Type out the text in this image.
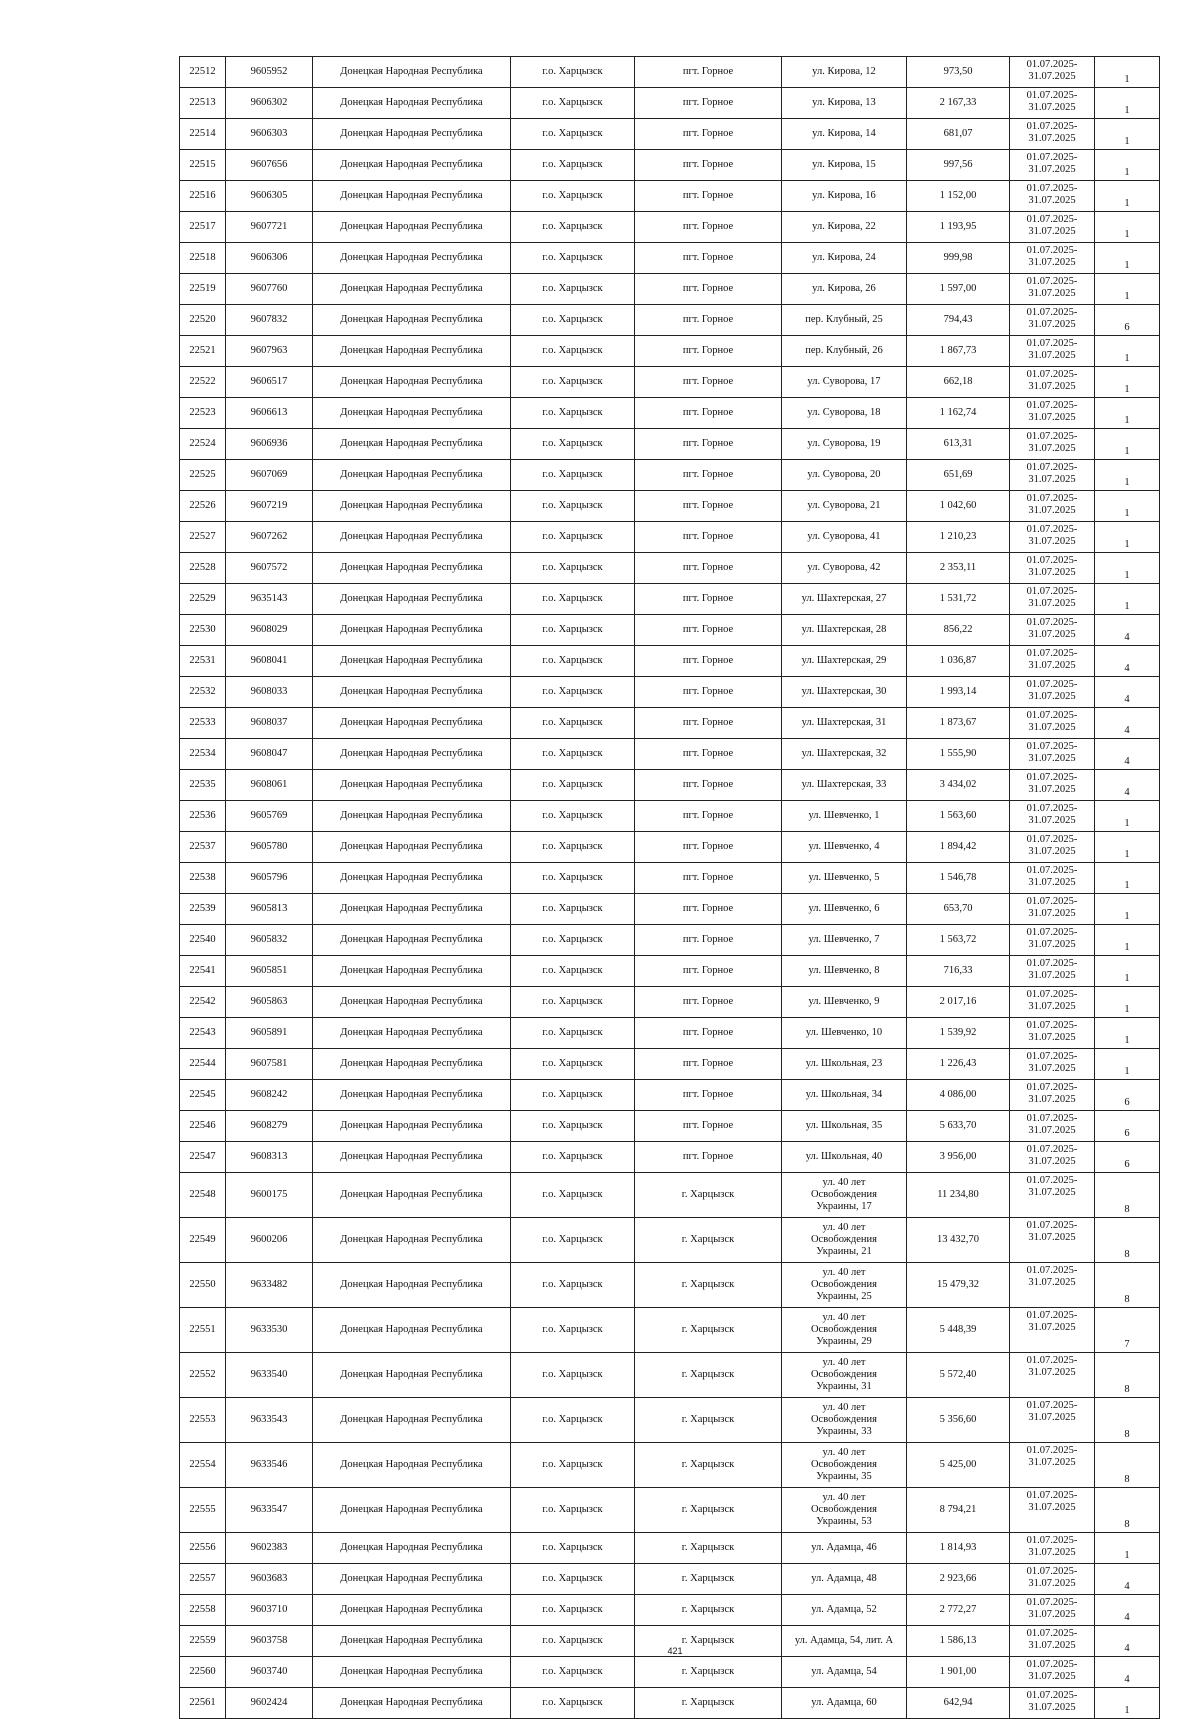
22512	9605952	Донецкая Народная Республика	г.о. Харцызск	пгт. Горное	ул. Кирова, 12	973,50	01.07.2025-
31.07.2025	1
22513	9606302	Донецкая Народная Республика	г.о. Харцызск	пгт. Горное	ул. Кирова, 13	2 167,33	01.07.2025-
31.07.2025	1
22514	9606303	Донецкая Народная Республика	г.о. Харцызск	пгт. Горное	ул. Кирова, 14	681,07	01.07.2025-
31.07.2025	1
22515	9607656	Донецкая Народная Республика	г.о. Харцызск	пгт. Горное	ул. Кирова, 15	997,56	01.07.2025-
31.07.2025	1
22516	9606305	Донецкая Народная Республика	г.о. Харцызск	пгт. Горное	ул. Кирова, 16	1 152,00	01.07.2025-
31.07.2025	1
22517	9607721	Донецкая Народная Республика	г.о. Харцызск	пгт. Горное	ул. Кирова, 22	1 193,95	01.07.2025-
31.07.2025	1
22518	9606306	Донецкая Народная Республика	г.о. Харцызск	пгт. Горное	ул. Кирова, 24	999,98	01.07.2025-
31.07.2025	1
22519	9607760	Донецкая Народная Республика	г.о. Харцызск	пгт. Горное	ул. Кирова, 26	1 597,00	01.07.2025-
31.07.2025	1
22520	9607832	Донецкая Народная Республика	г.о. Харцызск	пгт. Горное	пер. Клубный, 25	794,43	01.07.2025-
31.07.2025	6
22521	9607963	Донецкая Народная Республика	г.о. Харцызск	пгт. Горное	пер. Клубный, 26	1 867,73	01.07.2025-
31.07.2025	1
22522	9606517	Донецкая Народная Республика	г.о. Харцызск	пгт. Горное	ул. Суворова, 17	662,18	01.07.2025-
31.07.2025	1
22523	9606613	Донецкая Народная Республика	г.о. Харцызск	пгт. Горное	ул. Суворова, 18	1 162,74	01.07.2025-
31.07.2025	1
22524	9606936	Донецкая Народная Республика	г.о. Харцызск	пгт. Горное	ул. Суворова, 19	613,31	01.07.2025-
31.07.2025	1
22525	9607069	Донецкая Народная Республика	г.о. Харцызск	пгт. Горное	ул. Суворова, 20	651,69	01.07.2025-
31.07.2025	1
22526	9607219	Донецкая Народная Республика	г.о. Харцызск	пгт. Горное	ул. Суворова, 21	1 042,60	01.07.2025-
31.07.2025	1
22527	9607262	Донецкая Народная Республика	г.о. Харцызск	пгт. Горное	ул. Суворова, 41	1 210,23	01.07.2025-
31.07.2025	1
22528	9607572	Донецкая Народная Республика	г.о. Харцызск	пгт. Горное	ул. Суворова, 42	2 353,11	01.07.2025-
31.07.2025	1
22529	9635143	Донецкая Народная Республика	г.о. Харцызск	пгт. Горное	ул. Шахтерская, 27	1 531,72	01.07.2025-
31.07.2025	1
22530	9608029	Донецкая Народная Республика	г.о. Харцызск	пгт. Горное	ул. Шахтерская, 28	856,22	01.07.2025-
31.07.2025	4
22531	9608041	Донецкая Народная Республика	г.о. Харцызск	пгт. Горное	ул. Шахтерская, 29	1 036,87	01.07.2025-
31.07.2025	4
22532	9608033	Донецкая Народная Республика	г.о. Харцызск	пгт. Горное	ул. Шахтерская, 30	1 993,14	01.07.2025-
31.07.2025	4
22533	9608037	Донецкая Народная Республика	г.о. Харцызск	пгт. Горное	ул. Шахтерская, 31	1 873,67	01.07.2025-
31.07.2025	4
22534	9608047	Донецкая Народная Республика	г.о. Харцызск	пгт. Горное	ул. Шахтерская, 32	1 555,90	01.07.2025-
31.07.2025	4
22535	9608061	Донецкая Народная Республика	г.о. Харцызск	пгт. Горное	ул. Шахтерская, 33	3 434,02	01.07.2025-
31.07.2025	4
22536	9605769	Донецкая Народная Республика	г.о. Харцызск	пгт. Горное	ул. Шевченко, 1	1 563,60	01.07.2025-
31.07.2025	1
22537	9605780	Донецкая Народная Республика	г.о. Харцызск	пгт. Горное	ул. Шевченко, 4	1 894,42	01.07.2025-
31.07.2025	1
22538	9605796	Донецкая Народная Республика	г.о. Харцызск	пгт. Горное	ул. Шевченко, 5	1 546,78	01.07.2025-
31.07.2025	1
22539	9605813	Донецкая Народная Республика	г.о. Харцызск	пгт. Горное	ул. Шевченко, 6	653,70	01.07.2025-
31.07.2025	1
22540	9605832	Донецкая Народная Республика	г.о. Харцызск	пгт. Горное	ул. Шевченко, 7	1 563,72	01.07.2025-
31.07.2025	1
22541	9605851	Донецкая Народная Республика	г.о. Харцызск	пгт. Горное	ул. Шевченко, 8	716,33	01.07.2025-
31.07.2025	1
22542	9605863	Донецкая Народная Республика	г.о. Харцызск	пгт. Горное	ул. Шевченко, 9	2 017,16	01.07.2025-
31.07.2025	1
22543	9605891	Донецкая Народная Республика	г.о. Харцызск	пгт. Горное	ул. Шевченко, 10	1 539,92	01.07.2025-
31.07.2025	1
22544	9607581	Донецкая Народная Республика	г.о. Харцызск	пгт. Горное	ул. Школьная, 23	1 226,43	01.07.2025-
31.07.2025	1
22545	9608242	Донецкая Народная Республика	г.о. Харцызск	пгт. Горное	ул. Школьная, 34	4 086,00	01.07.2025-
31.07.2025	6
22546	9608279	Донецкая Народная Республика	г.о. Харцызск	пгт. Горное	ул. Школьная, 35	5 633,70	01.07.2025-
31.07.2025	6
22547	9608313	Донецкая Народная Республика	г.о. Харцызск	пгт. Горное	ул. Школьная, 40	3 956,00	01.07.2025-
31.07.2025	6
22548	9600175	Донецкая Народная Республика	г.о. Харцызск	г. Харцызск	ул. 40 лет
Освобождения
Украины, 17	11 234,80	01.07.2025-
31.07.2025	8
22549	9600206	Донецкая Народная Республика	г.о. Харцызск	г. Харцызск	ул. 40 лет
Освобождения
Украины, 21	13 432,70	01.07.2025-
31.07.2025	8
22550	9633482	Донецкая Народная Республика	г.о. Харцызск	г. Харцызск	ул. 40 лет
Освобождения
Украины, 25	15 479,32	01.07.2025-
31.07.2025	8
22551	9633530	Донецкая Народная Республика	г.о. Харцызск	г. Харцызск	ул. 40 лет
Освобождения
Украины, 29	5 448,39	01.07.2025-
31.07.2025	7
22552	9633540	Донецкая Народная Республика	г.о. Харцызск	г. Харцызск	ул. 40 лет
Освобождения
Украины, 31	5 572,40	01.07.2025-
31.07.2025	8
22553	9633543	Донецкая Народная Республика	г.о. Харцызск	г. Харцызск	ул. 40 лет
Освобождения
Украины, 33	5 356,60	01.07.2025-
31.07.2025	8
22554	9633546	Донецкая Народная Республика	г.о. Харцызск	г. Харцызск	ул. 40 лет
Освобождения
Украины, 35	5 425,00	01.07.2025-
31.07.2025	8
22555	9633547	Донецкая Народная Республика	г.о. Харцызск	г. Харцызск	ул. 40 лет
Освобождения
Украины, 53	8 794,21	01.07.2025-
31.07.2025	8
22556	9602383	Донецкая Народная Республика	г.о. Харцызск	г. Харцызск	ул. Адамца, 46	1 814,93	01.07.2025-
31.07.2025	1
22557	9603683	Донецкая Народная Республика	г.о. Харцызск	г. Харцызск	ул. Адамца, 48	2 923,66	01.07.2025-
31.07.2025	4
22558	9603710	Донецкая Народная Республика	г.о. Харцызск	г. Харцызск	ул. Адамца, 52	2 772,27	01.07.2025-
31.07.2025	4
22559	9603758	Донецкая Народная Республика	г.о. Харцызск	г. Харцызск	ул. Адамца, 54, лит. А	1 586,13	01.07.2025-
31.07.2025	4
22560	9603740	Донецкая Народная Республика	г.о. Харцызск	г. Харцызск	ул. Адамца, 54	1 901,00	01.07.2025-
31.07.2025	4
22561	9602424	Донецкая Народная Республика	г.о. Харцызск	г. Харцызск	ул. Адамца, 60	642,94	01.07.2025-
31.07.2025	1
421
